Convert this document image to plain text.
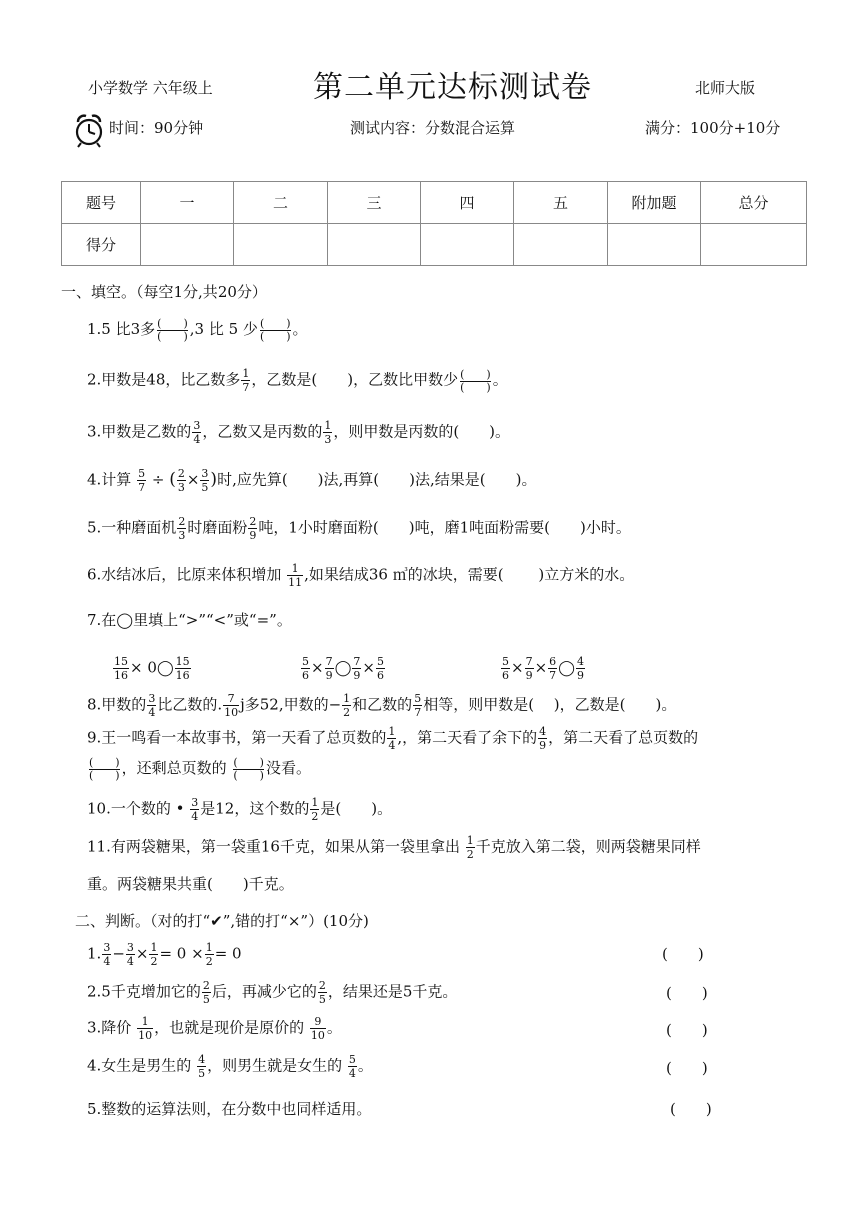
小学数学 六年级上	第二单元达标测试卷	北师大版
时间：90分钟	测试内容：分数混合运算	满分：100分+10分
题号	一	二	三	四	五	附加题	总分
得分							
一、填空。（每空1分,共20分）
1.5 比3多 (　　)
(　　) ,3 比 5 少 (　　)
(　　) 。
2.甲数是48，比乙数多 $\frac{1}{7}$ ，乙数是(　　)，乙数比甲数少 (　　)
(　　) 。
3.甲数是乙数的 $\frac{3}{4}$ ，乙数又是丙数的 $\frac{1}{3}$ ，则甲数是丙数的(　　)。
4.计算 $\frac{5}{7}$ ÷ ( $\frac{2}{3} \times \frac{3}{5}$ )时,应先算(　　)法,再算(　　)法,结果是(　　)。
5.一种磨面机 $\frac{2}{3}$ 时磨面粉 $\frac{2}{9}$ 吨，1小时磨面粉(　　)吨，磨1吨面粉需要(　　)小时。
6.水结冰后，比原来体积增加 $\frac{1}{11}$ ,如果结成36 ㎥的冰块，需要(　　 )立方米的水。
7.在◯里填上“>”“<”或“=”。
$\frac{15}{16}$ × 0◯ $\frac{15}{16}$	$\frac{5}{6} \times \frac{7}{9}$ ◯ $\frac{7}{9} \times \frac{5}{6}$	$\frac{5}{6} \times \frac{7}{9} \times \frac{6}{7}$ ◯ $\frac{4}{9}$
8.甲数的 $\frac{3}{4}$ 比乙数的. $\frac{7}{10}$ j多52,甲数的− $\frac{1}{2}$ 和乙数的 $\frac{5}{7}$ 相等，则甲数是(　 )，乙数是(　　)。
9.王一鸣看一本故事书，第一天看了总页数的 $\frac{1}{4}$ ,，第二天看了余下的 $\frac{4}{9}$ ，第二天看了总页数的
(　　)
(　　) ，还剩总页数的 (　　)
(　　) 没看。
10.一个数的 • $\frac{3}{4}$ 是12，这个数的 $\frac{1}{2}$ 是(　　)。
11.有两袋糖果，第一袋重16千克，如果从第一袋里拿出 $\frac{1}{2}$ 千克放入第二袋，则两袋糖果同样
重。两袋糖果共重(　　)千克。
二、判断。（对的打“✔”,错的打“×”）(10分)
1. $\frac{3}{4} - \frac{3}{4} \times \frac{1}{2} = 0 \times \frac{1}{2} = 0$	(　　)
2.5千克增加它的 $\frac{2}{5}$ 后，再减少它的 $\frac{2}{5}$ ，结果还是5千克。	(　　)
3.降价 $\frac{1}{10}$ ，也就是现价是原价的 $\frac{9}{10}$ 。	(　　)
4.女生是男生的 $\frac{4}{5}$ ，则男生就是女生的 $\frac{5}{4}$ 。	(　　)
5.整数的运算法则，在分数中也同样适用。	(　　)
